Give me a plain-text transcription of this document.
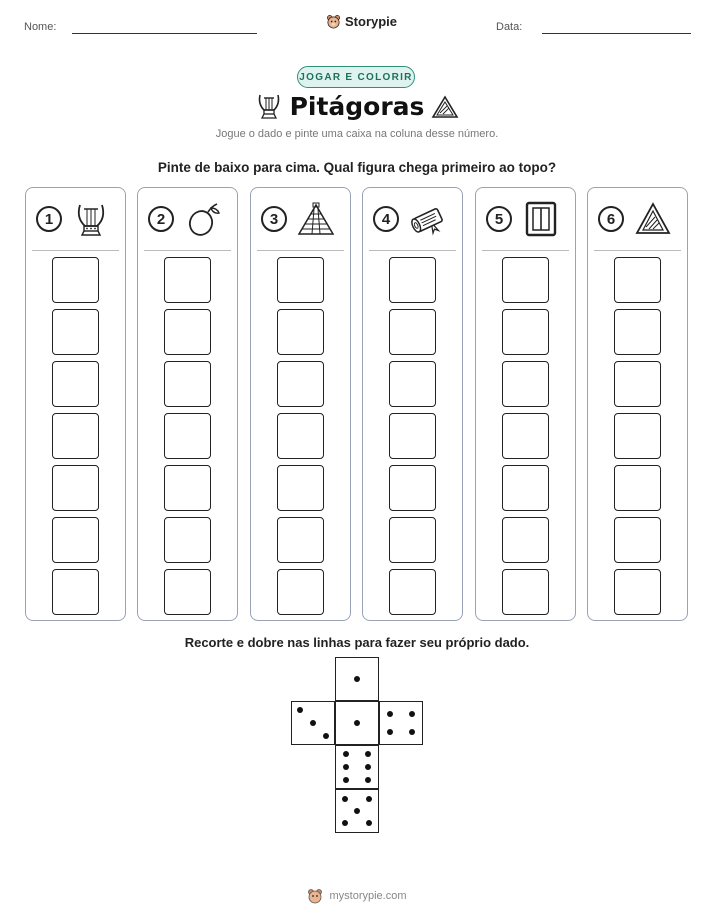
Nome:	Storypie	Data:
JOGAR E COLORIR
Pitágoras
Jogue o dado e pinte uma caixa na coluna desse número.
Pinte de baixo para cima. Qual figura chega primeiro ao topo?
1	2	3	4	5	6
Recorte e dobre nas linhas para fazer seu próprio dado.
mystorypie.com
